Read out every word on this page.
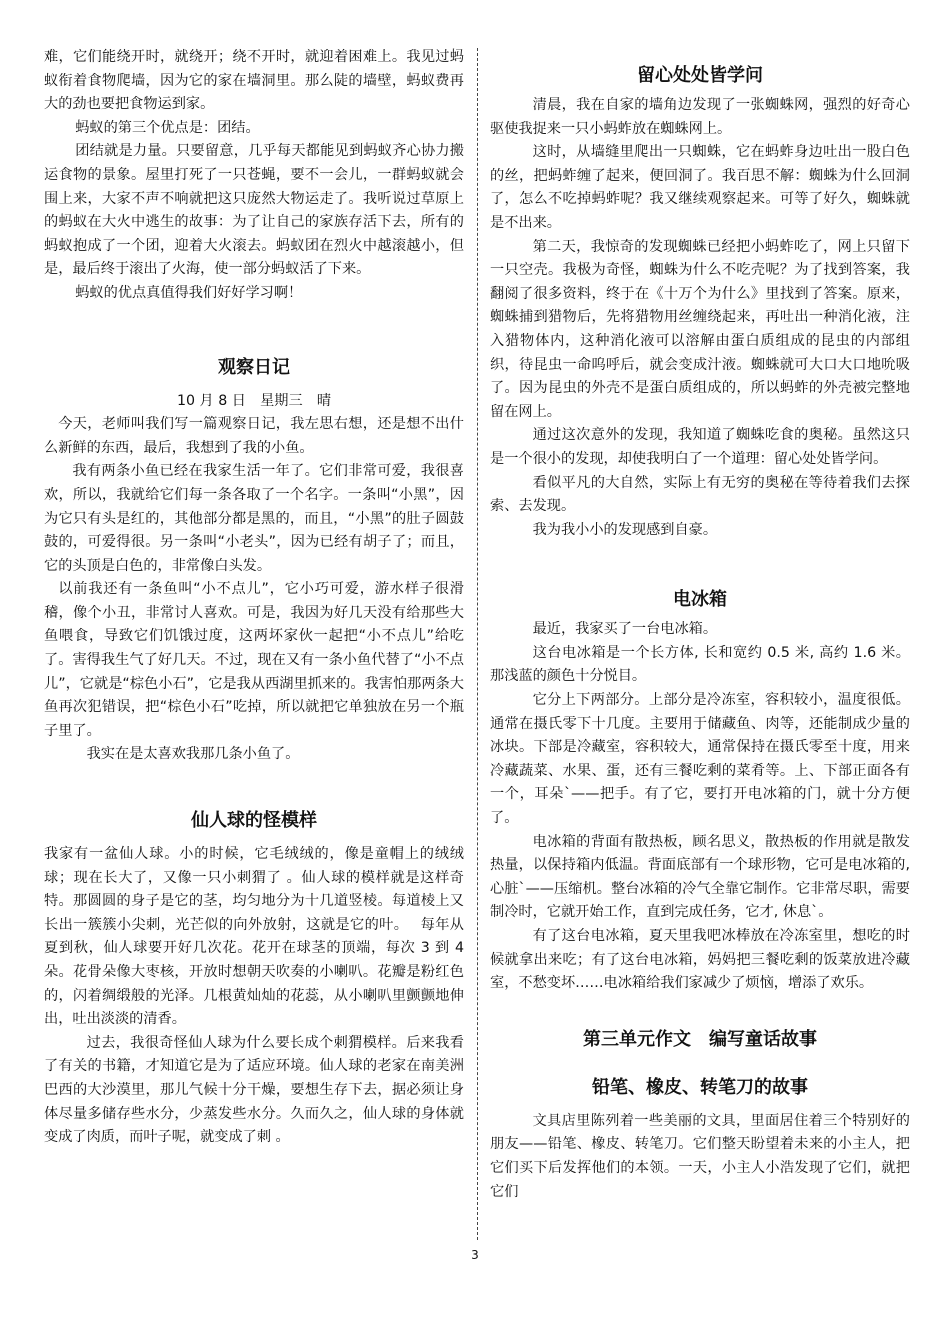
难，它们能绕开时，就绕开；绕不开时，就迎着困难上。我见过蚂蚁衔着食物爬墙，因为它的家在墙洞里。那么陡的墙壁，蚂蚁费再大的劲也要把食物运到家。

蚂蚁的第三个优点是：团结。

团结就是力量。只要留意，几乎每天都能见到蚂蚁齐心协力搬运食物的景象。屋里打死了一只苍蝇，要不一会儿，一群蚂蚁就会围上来，大家不声不响就把这只庞然大物运走了。我听说过草原上的蚂蚁在大火中逃生的故事：为了让自己的家族存活下去，所有的蚂蚁抱成了一个团，迎着大火滚去。蚂蚁团在烈火中越滚越小，但是，最后终于滚出了火海，使一部分蚂蚁活了下来。

蚂蚁的优点真值得我们好好学习啊！

观察日记
10 月 8 日　星期三　晴

今天，老师叫我们写一篇观察日记，我左思右想，还是想不出什么新鲜的东西，最后，我想到了我的小鱼。

我有两条小鱼已经在我家生活一年了。它们非常可爱，我很喜欢，所以，我就给它们每一条各取了一个名字。一条叫“小黑”，因为它只有头是红的，其他部分都是黑的，而且，“小黑”的肚子圆鼓鼓的，可爱得很。另一条叫“小老头”，因为已经有胡子了；而且，它的头顶是白色的，非常像白头发。

以前我还有一条鱼叫“小不点儿”，它小巧可爱，游水样子很滑稽，像个小丑，非常讨人喜欢。可是，我因为好几天没有给那些大鱼喂食，导致它们饥饿过度，这两坏家伙一起把“小不点儿”给吃了。害得我生气了好几天。不过，现在又有一条小鱼代替了“小不点儿”，它就是“棕色小石”，它是我从西湖里抓来的。我害怕那两条大鱼再次犯错误，把“棕色小石”吃掉，所以就把它单独放在另一个瓶子里了。

我实在是太喜欢我那几条小鱼了。

仙人球的怪模样

我家有一盆仙人球。小的时候，它毛绒绒的，像是童帽上的绒绒球；现在长大了，又像一只小刺猬了 。仙人球的模样就是这样奇特。那圆圆的身子是它的茎，均匀地分为十几道竖棱。每道棱上又长出一簇簇小尖刺，光芒似的向外放射，这就是它的叶。　 每年从夏到秋，仙人球要开好几次花。花开在球茎的顶端，每次 3 到 4 朵。花骨朵像大枣核，开放时想朝天吹奏的小喇叭。花瓣是粉红色的，闪着绸缎般的光泽。几根黄灿灿的花蕊，从小喇叭里颤颤地伸出，吐出淡淡的清香。

过去，我很奇怪仙人球为什么要长成个刺猬模样。后来我看了有关的书籍，才知道它是为了适应环境。仙人球的老家在南美洲巴西的大沙漠里，那儿气候十分干燥，要想生存下去，据必须让身体尽量多储存些水分，少蒸发些水分。久而久之，仙人球的身体就变成了肉质，而叶子呢，就变成了刺 。

留心处处皆学问

清晨，我在自家的墙角边发现了一张蜘蛛网，强烈的好奇心驱使我捉来一只小蚂蚱放在蜘蛛网上。

这时，从墙缝里爬出一只蜘蛛，它在蚂蚱身边吐出一股白色的丝，把蚂蚱缠了起来，便回洞了。我百思不解：蜘蛛为什么回洞了，怎么不吃掉蚂蚱呢？我又继续观察起来。可等了好久，蜘蛛就是不出来。

第二天，我惊奇的发现蜘蛛已经把小蚂蚱吃了，网上只留下一只空壳。我极为奇怪，蜘蛛为什么不吃壳呢？为了找到答案，我翻阅了很多资料，终于在《十万个为什么》里找到了答案。原来，蜘蛛捕到猎物后，先将猎物用丝缠绕起来，再吐出一种消化液，注入猎物体内，这种消化液可以溶解由蛋白质组成的昆虫的内部组织，待昆虫一命呜呼后，就会变成汁液。蜘蛛就可大口大口地吮吸了。因为昆虫的外壳不是蛋白质组成的，所以蚂蚱的外壳被完整地留在网上。

通过这次意外的发现，我知道了蜘蛛吃食的奥秘。虽然这只是一个很小的发现，却使我明白了一个道理：留心处处皆学问。

看似平凡的大自然，实际上有无穷的奥秘在等待着我们去探索、去发现。

我为我小小的发现感到自豪。

电冰箱

最近，我家买了一台电冰箱。

这台电冰箱是一个长方体, 长和宽约 0.5 米, 高约 1.6 米。那浅蓝的颜色十分悦目。

它分上下两部分。上部分是冷冻室，容积较小，温度很低。通常在摄氏零下十几度。主要用于储藏鱼、肉等，还能制成少量的冰块。下部是冷藏室，容积较大，通常保持在摄氏零至十度，用来冷藏蔬菜、水果、蛋，还有三餐吃剩的菜肴等。上、下部正面各有一个，耳朵`——把手。有了它，要打开电冰箱的门，就十分方便了。

电冰箱的背面有散热板，顾名思义，散热板的作用就是散发热量，以保持箱内低温。背面底部有一个球形物，它可是电冰箱的, 心脏`——压缩机。整台冰箱的冷气全靠它制作。它非常尽职，需要制冷时，它就开始工作，直到完成任务，它才, 休息`。

有了这台电冰箱，夏天里我吧冰棒放在冷冻室里，想吃的时候就拿出来吃；有了这台电冰箱，妈妈把三餐吃剩的饭菜放进冷藏室，不愁变坏……电冰箱给我们家减少了烦恼，增添了欢乐。

第三单元作文　编写童话故事
铅笔、橡皮、转笔刀的故事

文具店里陈列着一些美丽的文具，里面居住着三个特别好的朋友——铅笔、橡皮、转笔刀。它们整天盼望着未来的小主人，把它们买下后发挥他们的本领。一天，小主人小浩发现了它们，就把它们

3
